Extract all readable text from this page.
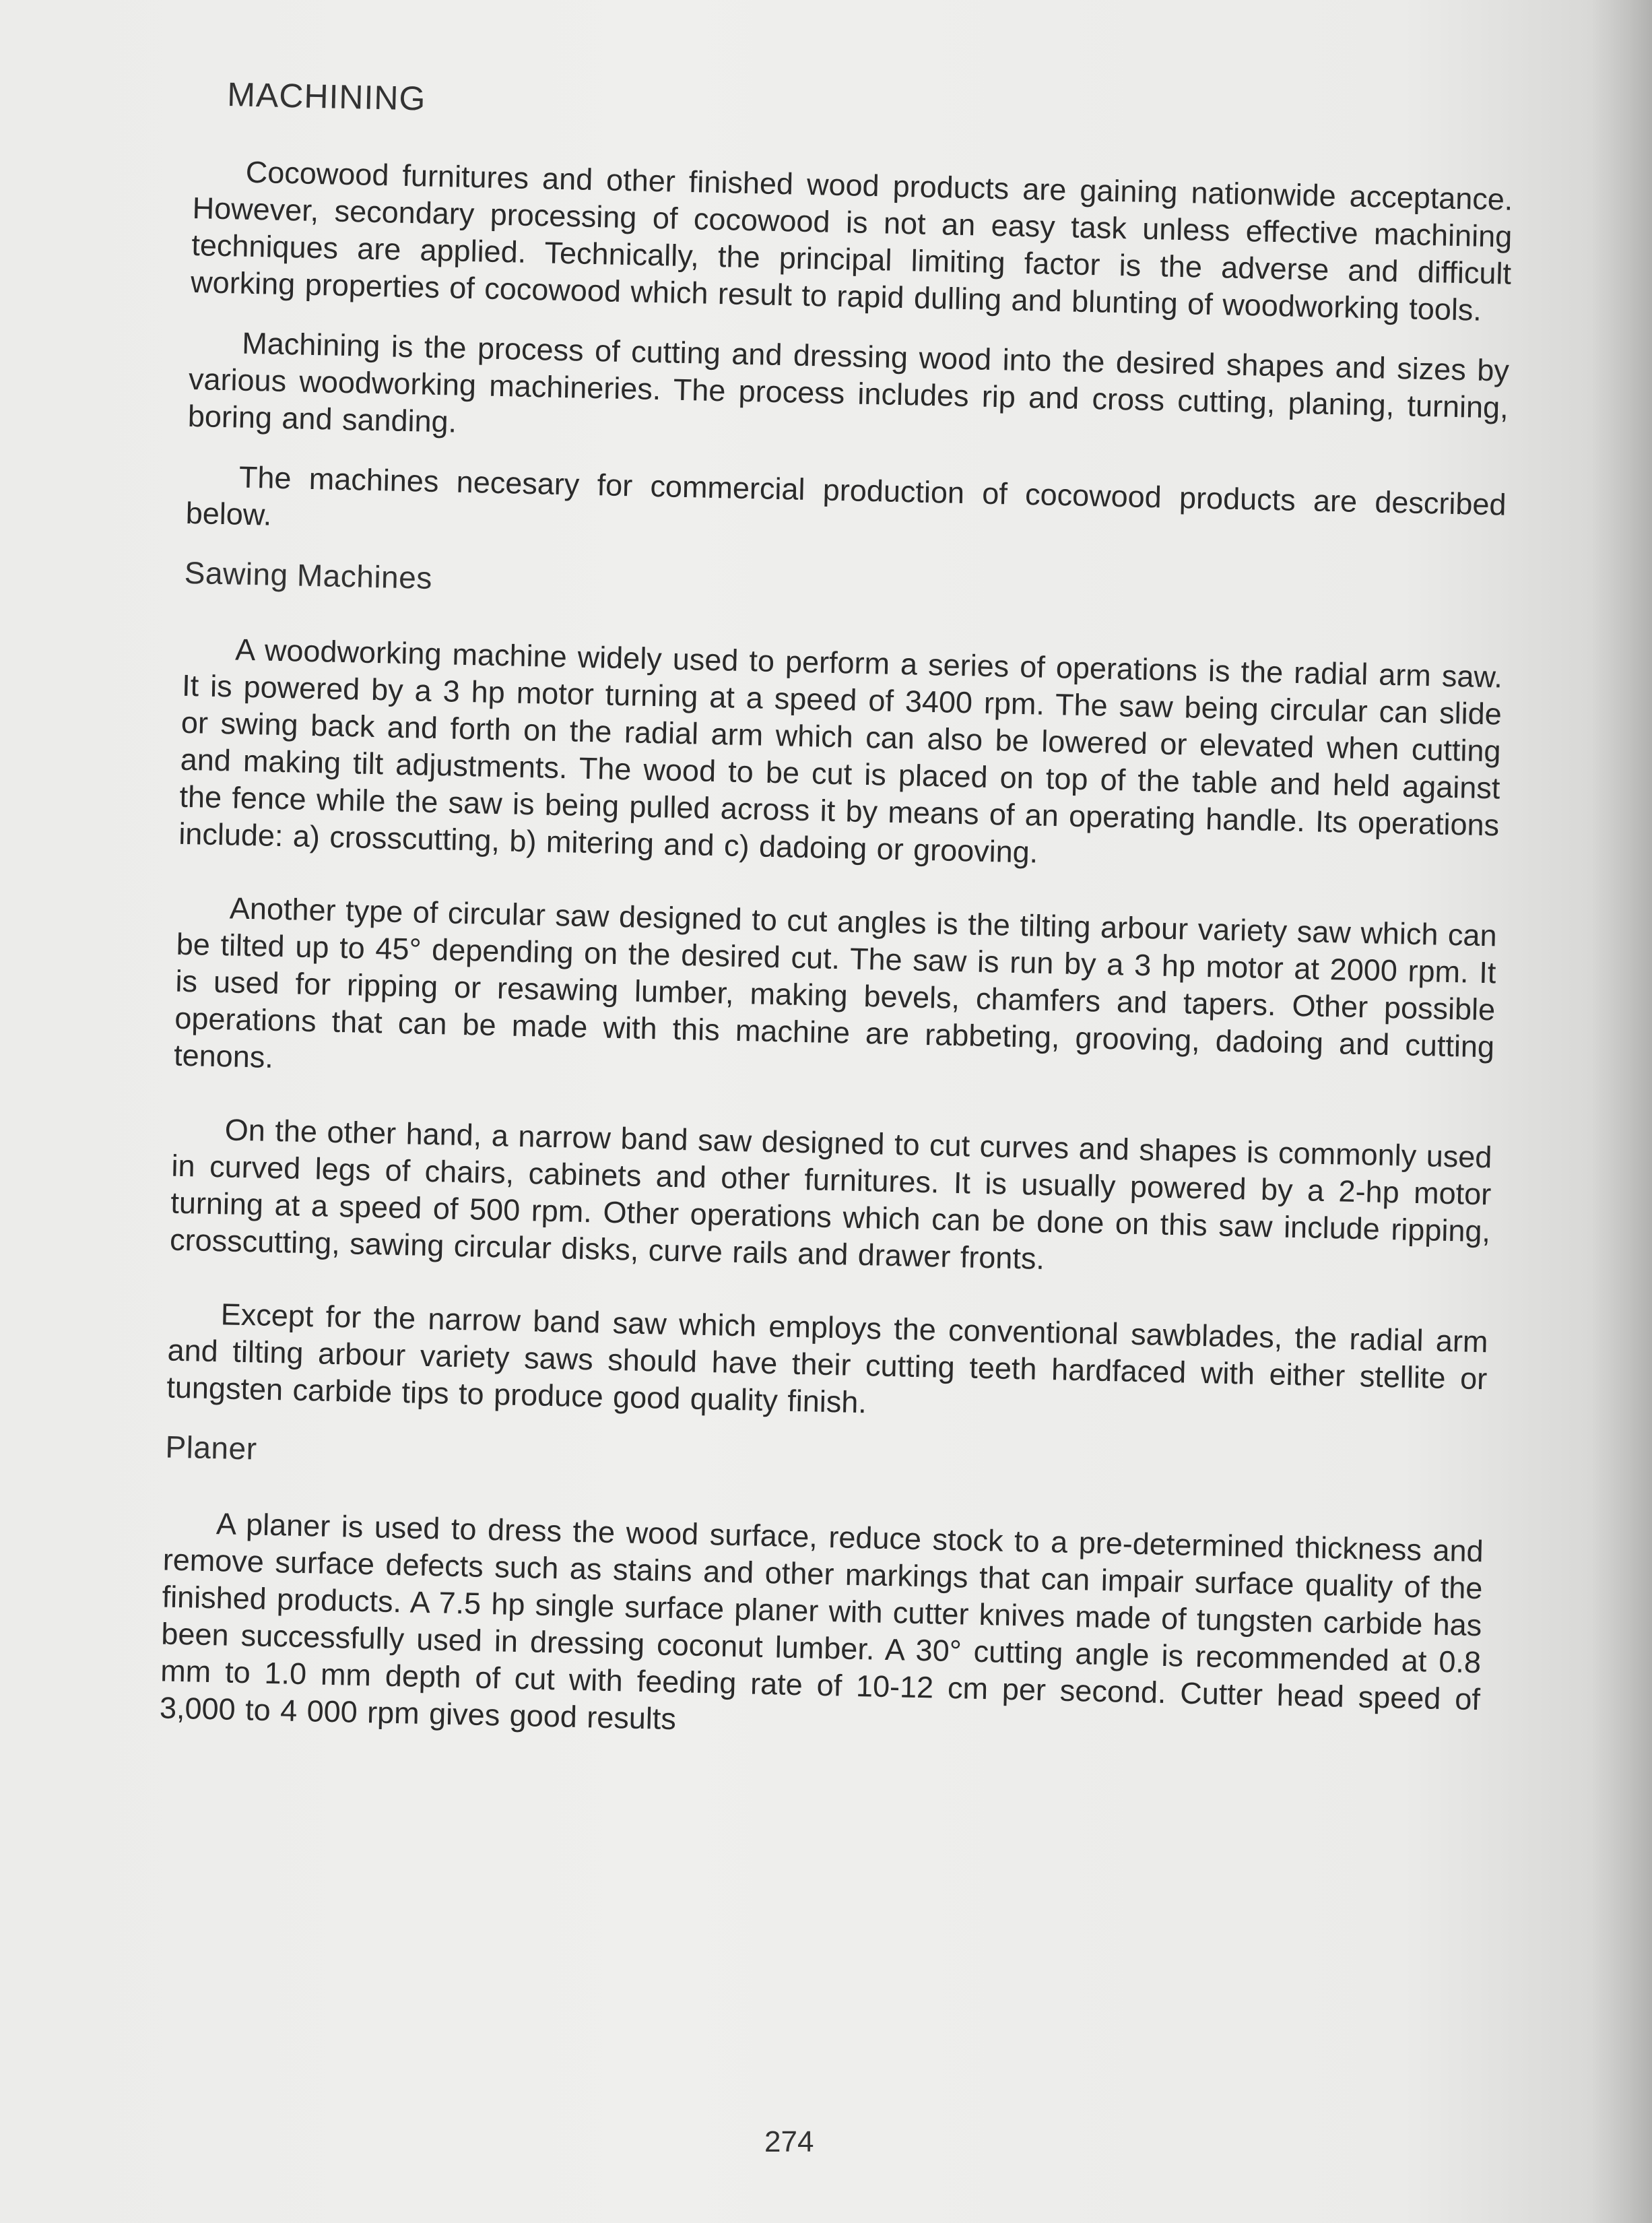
MACHINING

Cocowood furnitures and other finished wood products are gaining nationwide acceptance. However, secondary processing of cocowood is not an easy task unless effective machining techniques are applied. Technically, the principal limiting factor is the adverse and difficult working properties of cocowood which result to rapid dulling and blunting of woodworking tools.

Machining is the process of cutting and dressing wood into the desired shapes and sizes by various woodworking machineries. The process includes rip and cross cutting, planing, turning, boring and sanding.

The machines necesary for commercial production of cocowood products are described below.

Sawing Machines

A woodworking machine widely used to perform a series of operations is the radial arm saw. It is powered by a 3 hp motor turning at a speed of 3400 rpm. The saw being circular can slide or swing back and forth on the radial arm which can also be lowered or elevated when cutting and making tilt adjustments. The wood to be cut is placed on top of the table and held against the fence while the saw is being pulled across it by means of an operating handle. Its operations include: a) crosscutting, b) mitering and c) dadoing or grooving.

Another type of circular saw designed to cut angles is the tilting arbour variety saw which can be tilted up to 45° depending on the desired cut. The saw is run by a 3 hp motor at 2000 rpm. It is used for ripping or resawing lumber, making bevels, chamfers and tapers. Other possible operations that can be made with this machine are rabbeting, grooving, dadoing and cutting tenons.

On the other hand, a narrow band saw designed to cut curves and shapes is commonly used in curved legs of chairs, cabinets and other furnitures. It is usually powered by a 2-hp motor turning at a speed of 500 rpm. Other operations which can be done on this saw include ripping, crosscutting, sawing circular disks, curve rails and drawer fronts.

Except for the narrow band saw which employs the conventional sawblades, the radial arm and tilting arbour variety saws should have their cutting teeth hardfaced with either stellite or tungsten carbide tips to produce good quality finish.

Planer

A planer is used to dress the wood surface, reduce stock to a pre-determined thickness and remove surface defects such as stains and other markings that can impair surface quality of the finished products. A 7.5 hp single surface planer with cutter knives made of tungsten carbide has been successfully used in dressing coconut lumber. A 30° cutting angle is recommended at 0.8 mm to 1.0 mm depth of cut with feeding rate of 10-12 cm per second. Cutter head speed of 3,000 to 4 000 rpm gives good results

274
